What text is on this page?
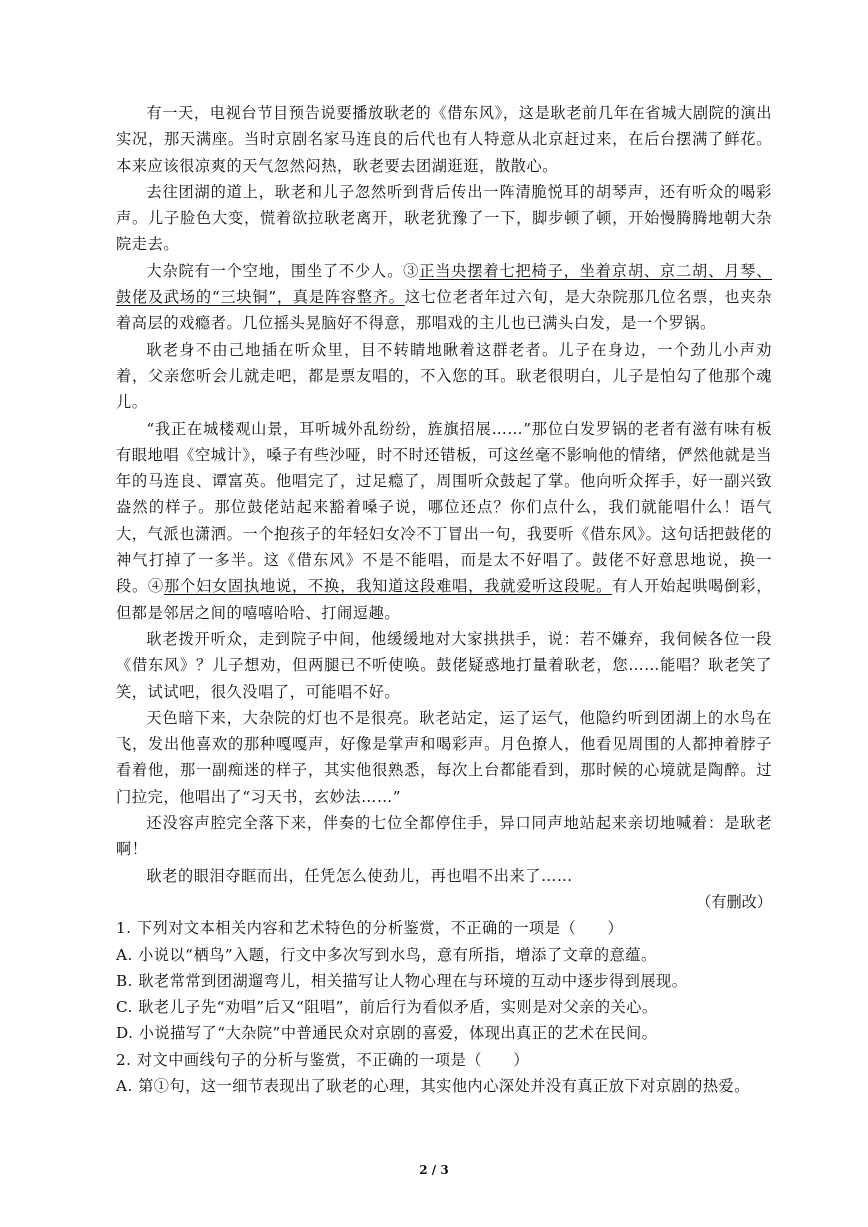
有一天，电视台节目预告说要播放耿老的《借东风》，这是耿老前几年在省城大剧院的演出实况，那天满座。当时京剧名家马连良的后代也有人特意从北京赶过来，在后台摆满了鲜花。本来应该很凉爽的天气忽然闷热，耿老要去团湖逛逛，散散心。

去往团湖的道上，耿老和儿子忽然听到背后传出一阵清脆悦耳的胡琴声，还有听众的喝彩声。儿子脸色大变，慌着欲拉耿老离开，耿老犹豫了一下，脚步顿了顿，开始慢腾腾地朝大杂院走去。

大杂院有一个空地，围坐了不少人。③正当央摆着七把椅子，坐着京胡、京二胡、月琴、鼓佬及武场的“三块铜”，真是阵容整齐。这七位老者年过六旬，是大杂院那几位名票，也夹杂着高层的戏瘾者。几位摇头晃脑好不得意，那唱戏的主儿也已满头白发，是一个罗锅。

耿老身不由己地插在听众里，目不转睛地瞅着这群老者。儿子在身边，一个劲儿小声劝着，父亲您听会儿就走吧，都是票友唱的，不入您的耳。耿老很明白，儿子是怕勾了他那个魂儿。

“我正在城楼观山景，耳听城外乱纷纷，旌旗招展……”那位白发罗锅的老者有滋有味有板有眼地唱《空城计》，嗓子有些沙哑，时不时还错板，可这丝毫不影响他的情绪，俨然他就是当年的马连良、谭富英。他唱完了，过足瘾了，周围听众鼓起了掌。他向听众挥手，好一副兴致盎然的样子。那位鼓佬站起来豁着嗓子说，哪位还点？你们点什么，我们就能唱什么！语气大，气派也潇洒。一个抱孩子的年轻妇女冷不丁冒出一句，我要听《借东风》。这句话把鼓佬的神气打掉了一多半。这《借东风》不是不能唱，而是太不好唱了。鼓佬不好意思地说，换一段。④那个妇女固执地说，不换，我知道这段难唱，我就爱听这段呢。有人开始起哄喝倒彩，但都是邻居之间的嘻嘻哈哈、打闹逗趣。

耿老拨开听众，走到院子中间，他缓缓地对大家拱拱手，说：若不嫌弃，我伺候各位一段《借东风》？儿子想劝，但两腿已不听使唤。鼓佬疑惑地打量着耿老，您……能唱？耿老笑了笑，试试吧，很久没唱了，可能唱不好。

天色暗下来，大杂院的灯也不是很亮。耿老站定，运了运气，他隐约听到团湖上的水鸟在飞，发出他喜欢的那种嘎嘎声，好像是掌声和喝彩声。月色撩人，他看见周围的人都抻着脖子看着他，那一副痴迷的样子，其实他很熟悉，每次上台都能看到，那时候的心境就是陶醉。过门拉完，他唱出了“习天书，玄妙法……”

还没容声腔完全落下来，伴奏的七位全都停住手，异口同声地站起来亲切地喊着：是耿老啊！

耿老的眼泪夺眶而出，任凭怎么使劲儿，再也唱不出来了……

（有删改）

1. 下列对文本相关内容和艺术特色的分析鉴赏，不正确的一项是（　　）

A. 小说以“栖鸟”入题，行文中多次写到水鸟，意有所指，增添了文章的意蕴。

B. 耿老常常到团湖遛弯儿，相关描写让人物心理在与环境的互动中逐步得到展现。

C. 耿老儿子先“劝唱”后又“阻唱”，前后行为看似矛盾，实则是对父亲的关心。

D. 小说描写了“大杂院”中普通民众对京剧的喜爱，体现出真正的艺术在民间。

2. 对文中画线句子的分析与鉴赏，不正确的一项是（　　）

A. 第①句，这一细节表现出了耿老的心理，其实他内心深处并没有真正放下对京剧的热爱。

2 / 3
